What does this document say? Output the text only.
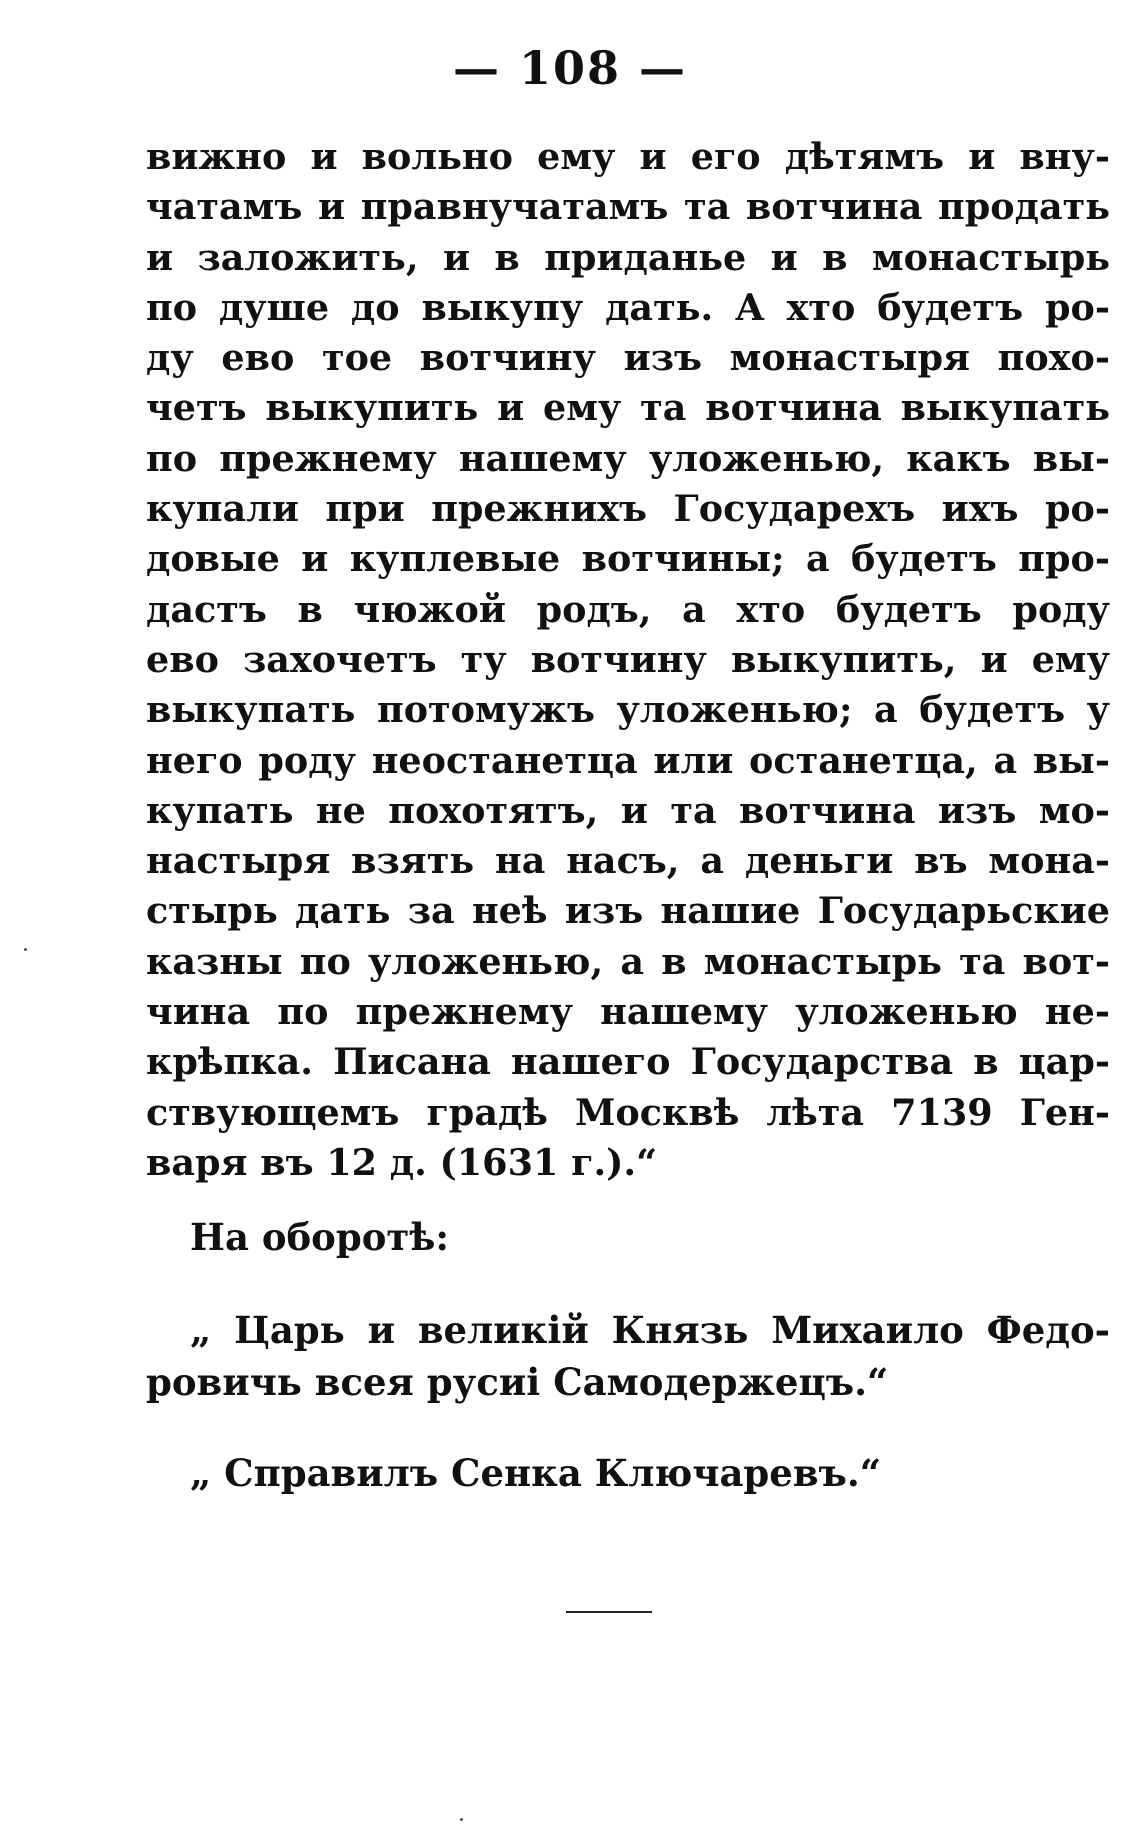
— 108 —
вижно и вольно ему и его дѣтямъ и вну-
чатамъ и правнучатамъ та вотчина продать
и заложить, и в приданье и в монастырь
по душе до выкупу дать. А хто будетъ ро-
ду ево тое вотчину изъ монастыря похо-
четъ выкупить и ему та вотчина выкупать
по прежнему нашему уложенью, какъ вы-
купали при прежнихъ Государехъ ихъ ро-
довые и куплевые вотчины; а будетъ про-
дастъ в чюжой родъ, а хто будетъ роду
ево захочетъ ту вотчину выкупить, и ему
выкупать потомужъ уложенью; а будетъ у
него роду неостанетца или останетца, а вы-
купать не похотятъ, и та вотчина изъ мо-
настыря взять на насъ, а деньги въ мона-
стырь дать за неѣ изъ нашие Государьские
казны по уложенью, а в монастырь та вот-
чина по прежнему нашему уложенью не-
крѣпка. Писана нашего Государства в цар-
ствующемъ градѣ Москвѣ лѣта 7139 Ген-
варя въ 12 д. (1631 г.).“
На оборотѣ:
„ Царь и великій Князь Михаило Федо-
ровичь всея русиі Самодержецъ.“
„ Справилъ Сенка Ключаревъ.“
